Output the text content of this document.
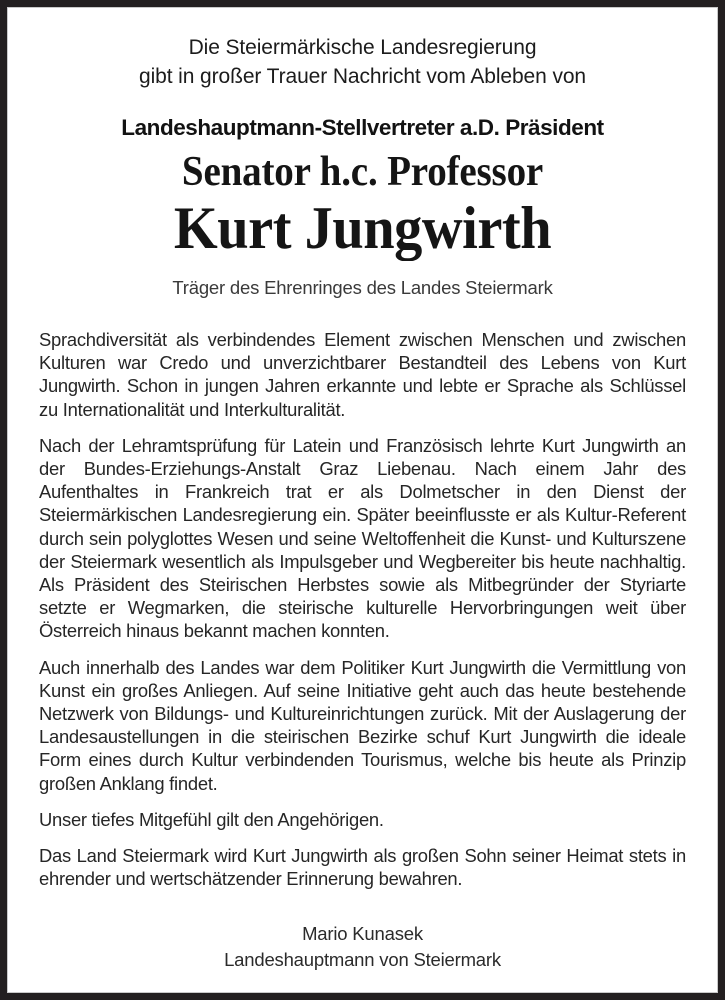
Die Steiermärkische Landesregierung
gibt in großer Trauer Nachricht vom Ableben von
Landeshauptmann-Stellvertreter a.D. Präsident
Senator h.c. Professor
Kurt Jungwirth
Träger des Ehrenringes des Landes Steiermark

Sprachdiversität als verbindendes Element zwischen Menschen und zwischen Kulturen war Credo und unverzichtbarer Bestandteil des Lebens von Kurt Jungwirth. Schon in jungen Jahren erkannte und lebte er Sprache als Schlüssel zu Internationalität und Interkulturalität.

Nach der Lehramtsprüfung für Latein und Französisch lehrte Kurt Jungwirth an der Bundes-Erziehungs-Anstalt Graz Liebenau. Nach einem Jahr des Aufenthaltes in Frankreich trat er als Dolmetscher in den Dienst der Steiermärkischen Landesregierung ein. Später beeinflusste er als Kultur-Referent durch sein polyglottes Wesen und seine Weltoffenheit die Kunst- und Kulturszene der Steiermark wesentlich als Impulsgeber und Wegbereiter bis heute nachhaltig. Als Präsident des Steirischen Herbstes sowie als Mitbegründer der Styriarte setzte er Wegmarken, die steirische kulturelle Hervorbringungen weit über Österreich hinaus bekannt machen konnten.

Auch innerhalb des Landes war dem Politiker Kurt Jungwirth die Vermittlung von Kunst ein großes Anliegen. Auf seine Initiative geht auch das heute bestehende Netzwerk von Bildungs- und Kultureinrichtungen zurück. Mit der Auslagerung der Landesaustellungen in die steirischen Bezirke schuf Kurt Jungwirth die ideale Form eines durch Kultur verbindenden Tourismus, welche bis heute als Prinzip großen Anklang findet.

Unser tiefes Mitgefühl gilt den Angehörigen.

Das Land Steiermark wird Kurt Jungwirth als großen Sohn seiner Heimat stets in ehrender und wertschätzender Erinnerung bewahren.

Mario Kunasek
Landeshauptmann von Steiermark
